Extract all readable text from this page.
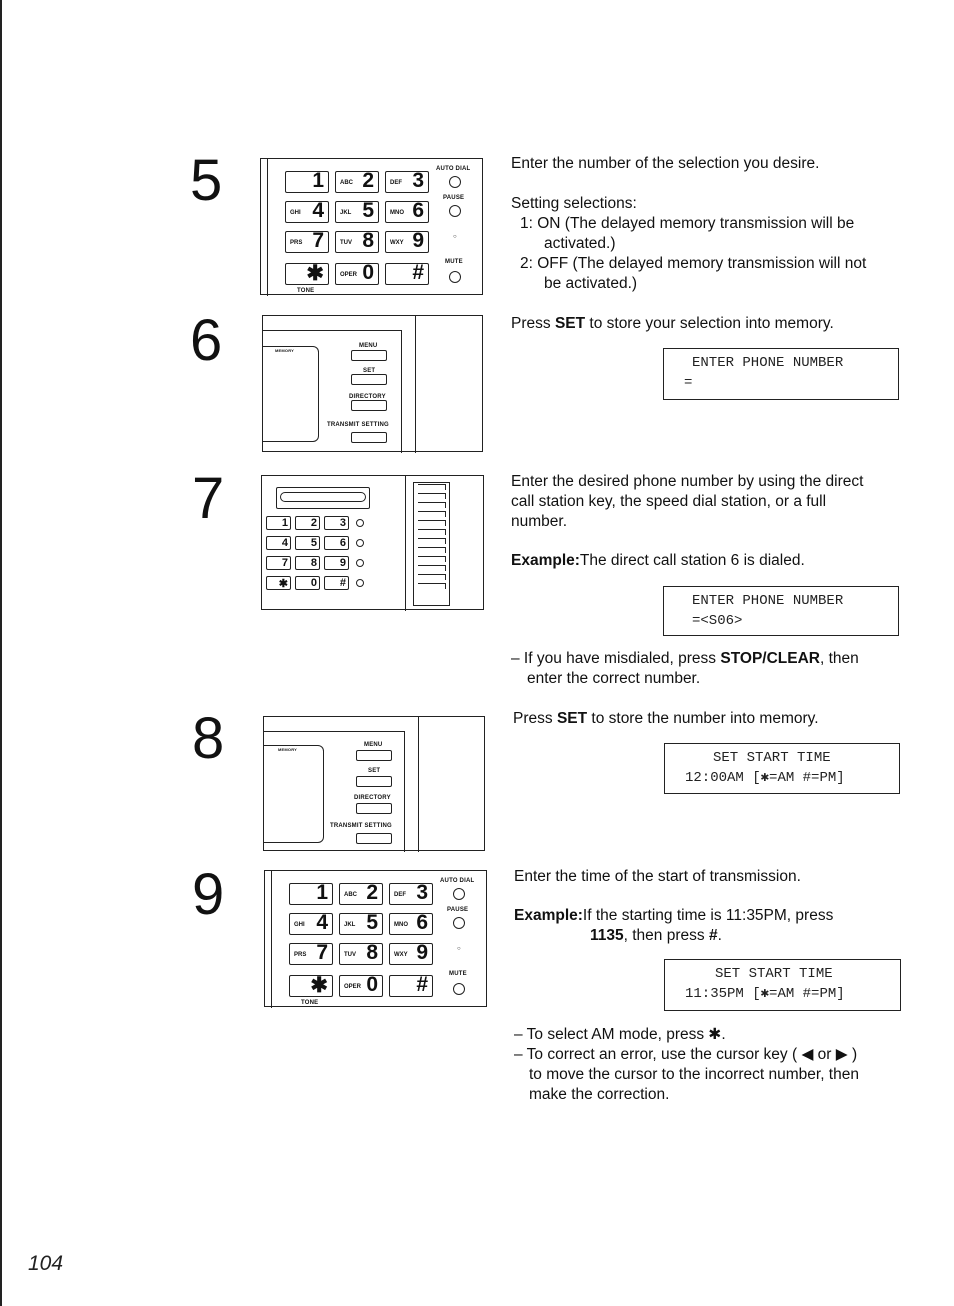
5
6
7
8
9
1	ABC 2	DEF 3
GHI 4	JKL 5	MNO 6
PRS 7	TUV 8	WXY 9
✱	OPER 0 #
AUTO DIAL
PAUSE
○
MUTE
TONE
MEMORY
MENU
SET
DIRECTORY
TRANSMIT SETTING
1 2 3
4 5 6
7 8 9
✱ 0 #
MEMORY
MENU
SET
DIRECTORY
TRANSMIT SETTING
1	ABC 2	DEF 3
GHI 4	JKL 5	MNO 6
PRS 7	TUV 8	WXY 9
✱	OPER 0 #
AUTO DIAL
PAUSE
○
MUTE
TONE
Enter the number of the selection you desire.
Setting selections:
1: ON (The delayed memory transmission will be
activated.)
2: OFF (The delayed memory transmission will not
be activated.)
Press SET to store your selection into memory.
ENTER PHONE NUMBER
=
Enter the desired phone number by using the direct
call station key, the speed dial station, or a full
number.
Example:The direct call station 6 is dialed.
ENTER PHONE NUMBER
=<S06>
– If you have misdialed, press STOP/CLEAR, then
enter the correct number.
Press SET to store the number into memory.
SET START TIME
12:00AM [✱=AM #=PM]
Enter the time of the start of transmission.
Example:If the starting time is 11:35PM, press
1135, then press #.
SET START TIME
11:35PM [✱=AM #=PM]
– To select AM mode, press ✱.
– To correct an error, use the cursor key ( ◀ or ▶ )
to move the cursor to the incorrect number, then
make the correction.
104
